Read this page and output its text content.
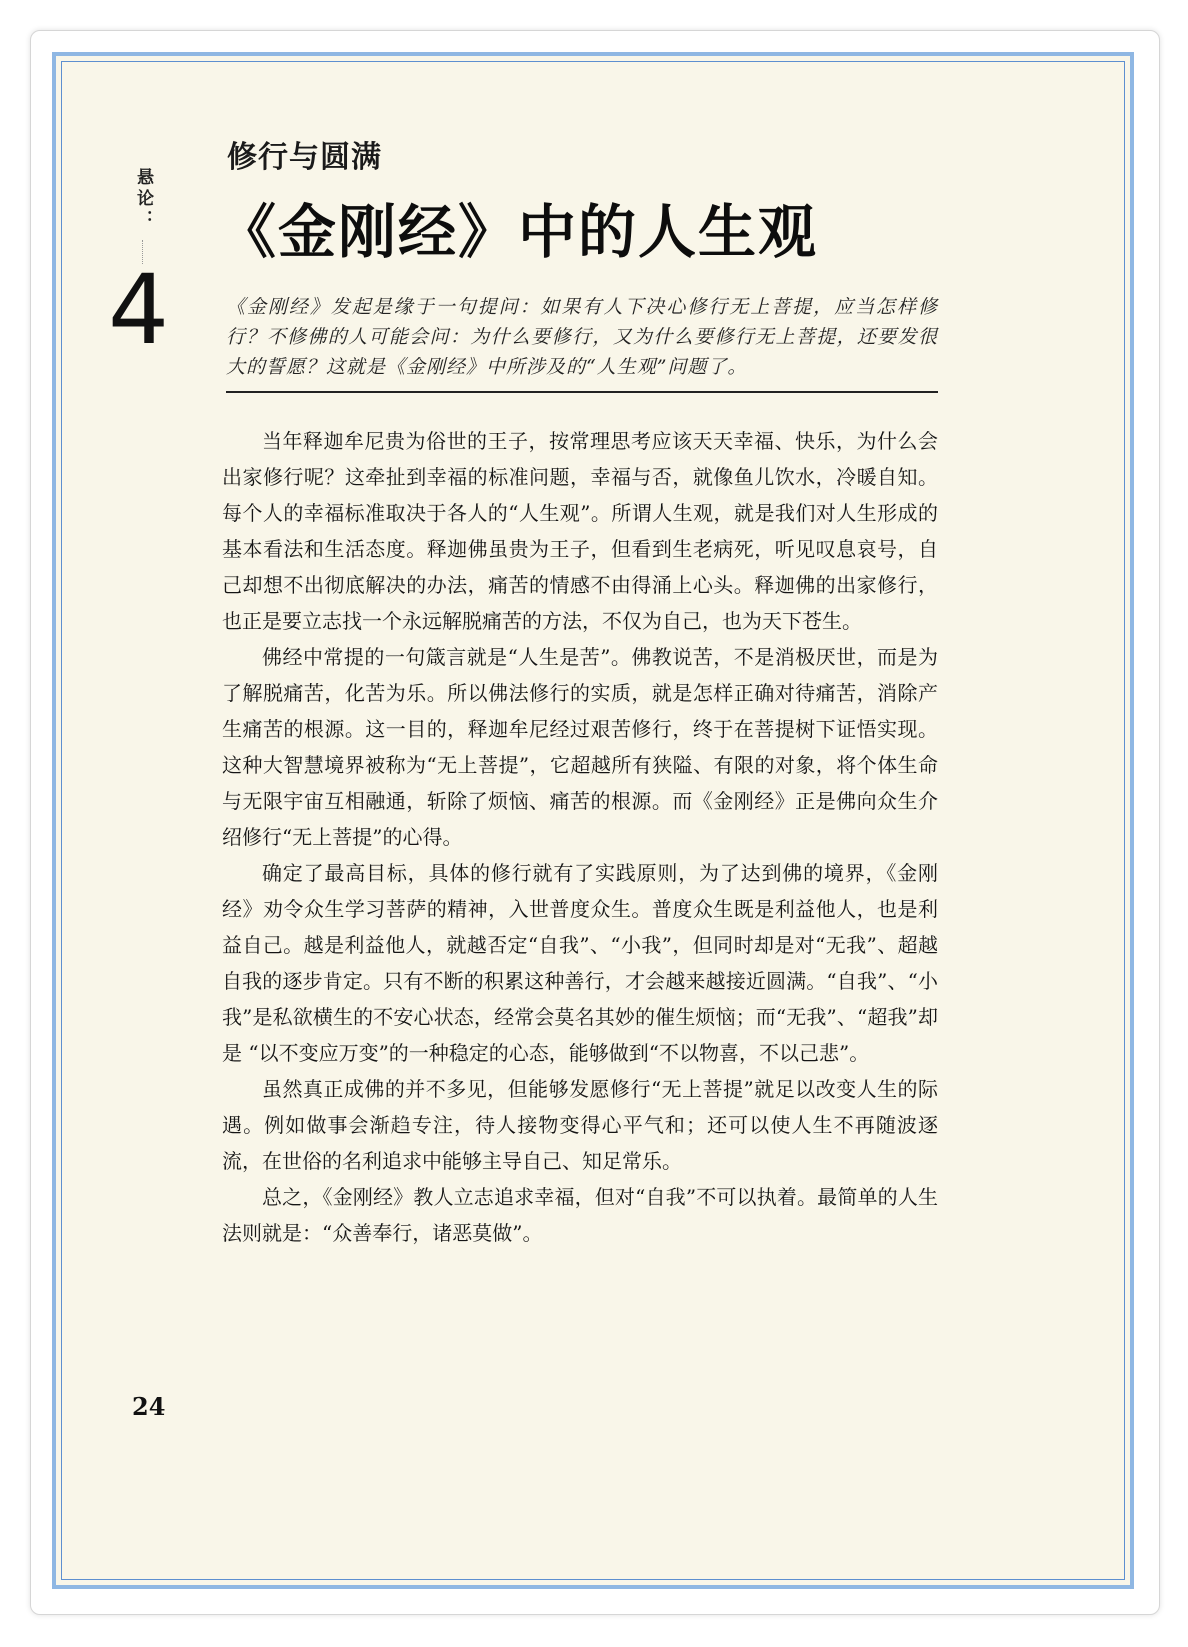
悬论：
4
修行与圆满
《金刚经》中的人生观
《金刚经》发起是缘于一句提问：如果有人下决心修行无上菩提，应当怎样修行？不修佛的人可能会问：为什么要修行，又为什么要修行无上菩提，还要发很大的誓愿？这就是《金刚经》中所涉及的“人生观”问题了。

当年释迦牟尼贵为俗世的王子，按常理思考应该天天幸福、快乐，为什么会出家修行呢？这牵扯到幸福的标准问题，幸福与否，就像鱼儿饮水，冷暖自知。每个人的幸福标准取决于各人的“人生观”。所谓人生观，就是我们对人生形成的基本看法和生活态度。释迦佛虽贵为王子，但看到生老病死，听见叹息哀号，自己却想不出彻底解决的办法，痛苦的情感不由得涌上心头。释迦佛的出家修行，也正是要立志找一个永远解脱痛苦的方法，不仅为自己，也为天下苍生。

佛经中常提的一句箴言就是“人生是苦”。佛教说苦，不是消极厌世，而是为了解脱痛苦，化苦为乐。所以佛法修行的实质，就是怎样正确对待痛苦，消除产生痛苦的根源。这一目的，释迦牟尼经过艰苦修行，终于在菩提树下证悟实现。这种大智慧境界被称为“无上菩提”，它超越所有狭隘、有限的对象，将个体生命与无限宇宙互相融通，斩除了烦恼、痛苦的根源。而《金刚经》正是佛向众生介绍修行“无上菩提”的心得。

确定了最高目标，具体的修行就有了实践原则，为了达到佛的境界，《金刚经》劝令众生学习菩萨的精神，入世普度众生。普度众生既是利益他人，也是利益自己。越是利益他人，就越否定“自我”、“小我”，但同时却是对“无我”、超越自我的逐步肯定。只有不断的积累这种善行，才会越来越接近圆满。“自我”、“小我”是私欲横生的不安心状态，经常会莫名其妙的催生烦恼；而“无我”、“超我”却是 “以不变应万变”的一种稳定的心态，能够做到“不以物喜，不以己悲”。

虽然真正成佛的并不多见，但能够发愿修行“无上菩提”就足以改变人生的际遇。例如做事会渐趋专注，待人接物变得心平气和；还可以使人生不再随波逐流，在世俗的名利追求中能够主导自己、知足常乐。

总之，《金刚经》教人立志追求幸福，但对“自我”不可以执着。最简单的人生法则就是：“众善奉行，诸恶莫做”。

24
